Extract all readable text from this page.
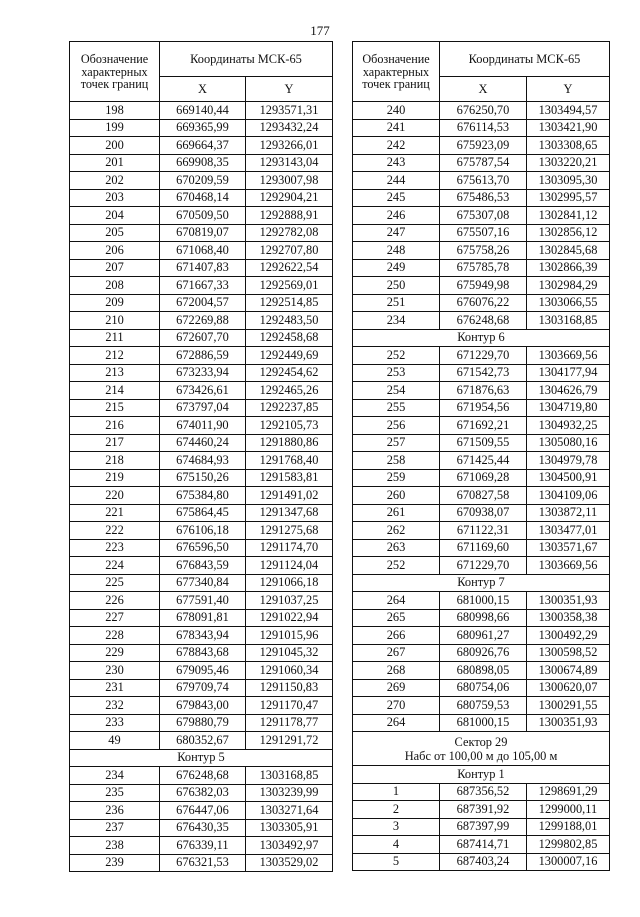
177
Обозначение характерных точек границ	Координаты МСК-65	
	X	Y
198	669140,44	1293571,31
199	669365,99	1293432,24
200	669664,37	1293266,01
201	669908,35	1293143,04
202	670209,59	1293007,98
203	670468,14	1292904,21
204	670509,50	1292888,91
205	670819,07	1292782,08
206	671068,40	1292707,80
207	671407,83	1292622,54
208	671667,33	1292569,01
209	672004,57	1292514,85
210	672269,88	1292483,50
211	672607,70	1292458,68
212	672886,59	1292449,69
213	673233,94	1292454,62
214	673426,61	1292465,26
215	673797,04	1292237,85
216	674011,90	1292105,73
217	674460,24	1291880,86
218	674684,93	1291768,40
219	675150,26	1291583,81
220	675384,80	1291491,02
221	675864,45	1291347,68
222	676106,18	1291275,68
223	676596,50	1291174,70
224	676843,59	1291124,04
225	677340,84	1291066,18
226	677591,40	1291037,25
227	678091,81	1291022,94
228	678343,94	1291015,96
229	678843,68	1291045,32
230	679095,46	1291060,34
231	679709,74	1291150,83
232	679843,00	1291170,47
233	679880,79	1291178,77
49	680352,67	1291291,72
Контур 5		
234	676248,68	1303168,85
235	676382,03	1303239,99
236	676447,06	1303271,64
237	676430,35	1303305,91
238	676339,11	1303492,97
239	676321,53	1303529,02
Обозначение характерных точек границ	Координаты МСК-65	
	X	Y
240	676250,70	1303494,57
241	676114,53	1303421,90
242	675923,09	1303308,65
243	675787,54	1303220,21
244	675613,70	1303095,30
245	675486,53	1302995,57
246	675307,08	1302841,12
247	675507,16	1302856,12
248	675758,26	1302845,68
249	675785,78	1302866,39
250	675949,98	1302984,29
251	676076,22	1303066,55
234	676248,68	1303168,85
Контур 6		
252	671229,70	1303669,56
253	671542,73	1304177,94
254	671876,63	1304626,79
255	671954,56	1304719,80
256	671692,21	1304932,25
257	671509,55	1305080,16
258	671425,44	1304979,78
259	671069,28	1304500,91
260	670827,58	1304109,06
261	670938,07	1303872,11
262	671122,31	1303477,01
263	671169,60	1303571,67
252	671229,70	1303669,56
Контур 7		
264	681000,15	1300351,93
265	680998,66	1300358,38
266	680961,27	1300492,29
267	680926,76	1300598,52
268	680898,05	1300674,89
269	680754,06	1300620,07
270	680759,53	1300291,55
264	681000,15	1300351,93

Сектор 29
Набс от 100,00 м до 105,00 м		

Контур 1		
1	687356,52	1298691,29
2	687391,92	1299000,11
3	687397,99	1299188,01
4	687414,71	1299802,85
5	687403,24	1300007,16
